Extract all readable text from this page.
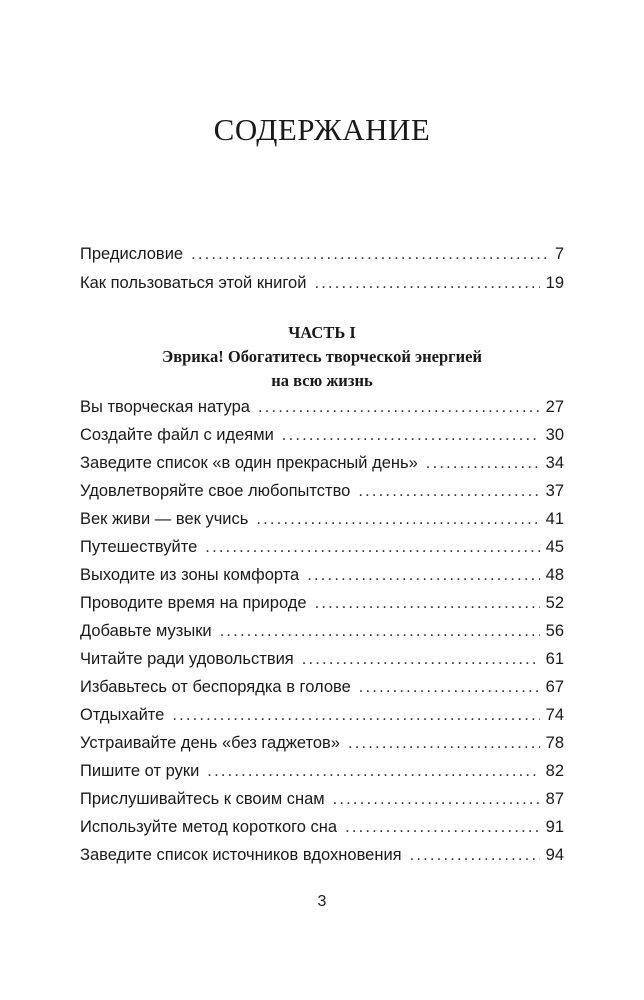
СОДЕРЖАНИЕ
Предисловие . . .	7
Как пользоваться этой книгой . . .	19
ЧАСТЬ I
Эврика! Обогатитесь творческой энергией
на всю жизнь
Вы творческая натура . . .	27
Создайте файл с идеями . . .	30
Заведите список «в один прекрасный день» . . .	34
Удовлетворяйте свое любопытство . . .	37
Век живи — век учись . . .	41
Путешествуйте . . .	45
Выходите из зоны комфорта . . .	48
Проводите время на природе . . .	52
Добавьте музыки . . .	56
Читайте ради удовольствия . . .	61
Избавьтесь от беспорядка в голове . . .	67
Отдыхайте . . .	74
Устраивайте день «без гаджетов» . . .	78
Пишите от руки . . .	82
Прислушивайтесь к своим снам . . .	87
Используйте метод короткого сна . . .	91
Заведите список источников вдохновения . . .	94
3
